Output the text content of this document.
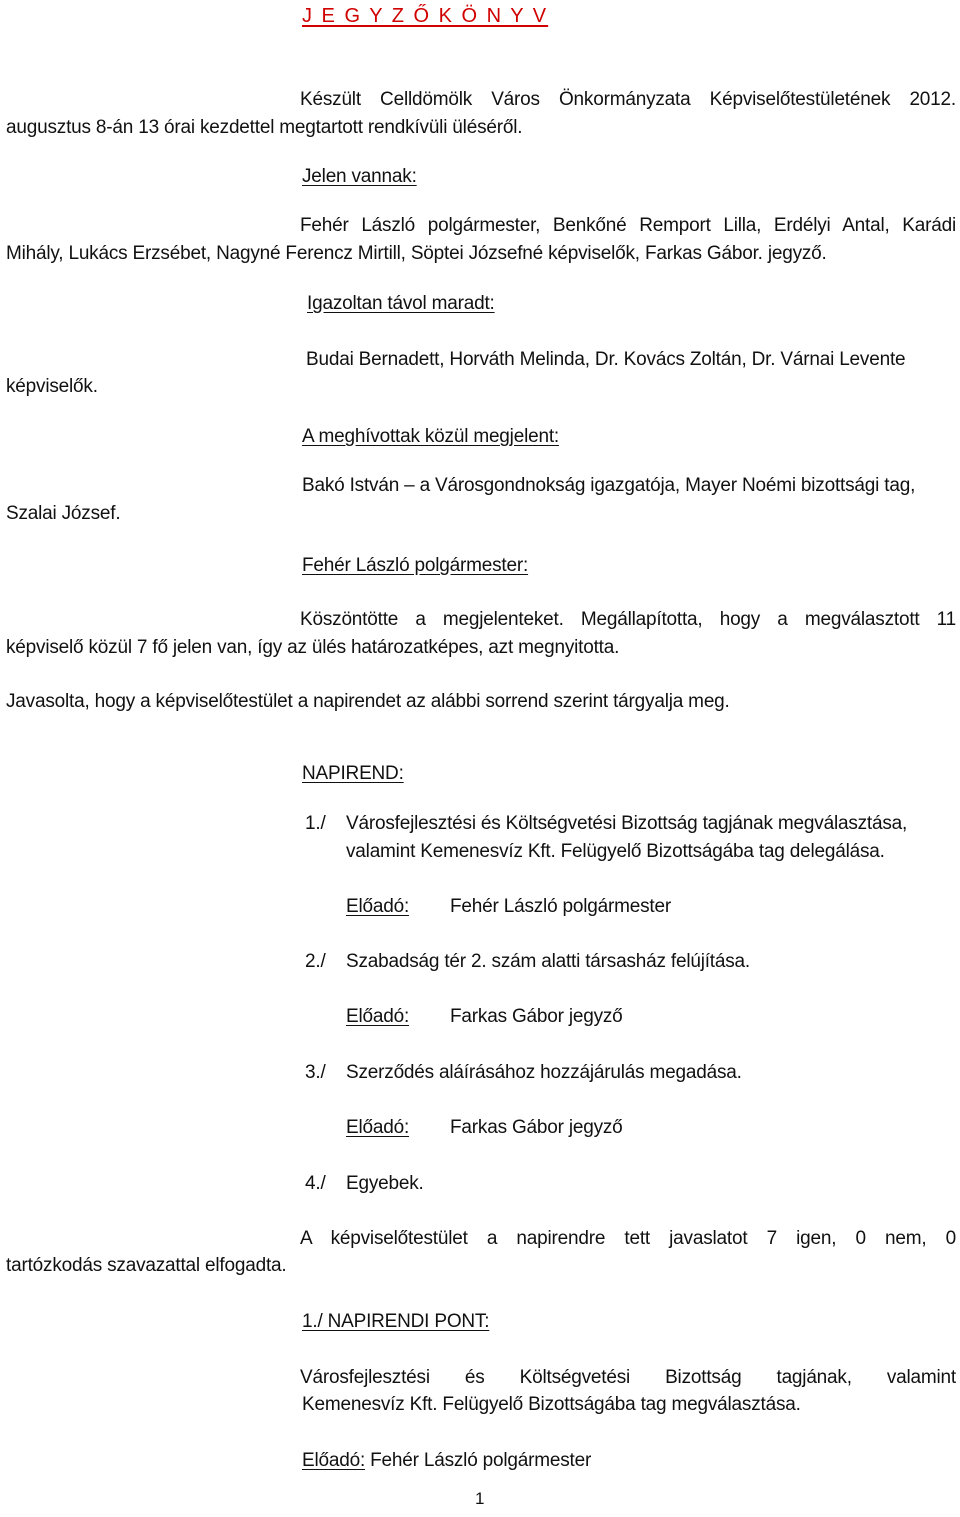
J E G Y Z Ő K Ö N Y V
Készült Celldömölk Város Önkormányzata Képviselőtestületének 2012.
augusztus 8-án 13 órai kezdettel megtartott rendkívüli üléséről.
Jelen vannak:
Fehér László polgármester, Benkőné Remport Lilla, Erdélyi Antal, Karádi
Mihály, Lukács Erzsébet, Nagyné Ferencz Mirtill, Söptei Józsefné képviselők, Farkas Gábor. jegyző.
Igazoltan távol maradt:
Budai Bernadett, Horváth Melinda, Dr. Kovács Zoltán, Dr. Várnai Levente
képviselők.
A meghívottak közül megjelent:
Bakó István – a Városgondnokság igazgatója, Mayer Noémi bizottsági tag,
Szalai József.
Fehér László polgármester:
Köszöntötte a megjelenteket. Megállapította, hogy a megválasztott 11
képviselő közül 7 fő jelen van, így az ülés határozatképes, azt megnyitotta.
Javasolta, hogy a képviselőtestület a napirendet az alábbi sorrend szerint tárgyalja meg.
NAPIREND:
1./ Városfejlesztési és Költségvetési Bizottság tagjának megválasztása,
valamint Kemenesvíz Kft. Felügyelő Bizottságába tag delegálása.
Előadó: Fehér László polgármester
2./ Szabadság tér 2. szám alatti társasház felújítása.
Előadó: Farkas Gábor jegyző
3./ Szerződés aláírásához hozzájárulás megadása.
Előadó: Farkas Gábor jegyző
4./ Egyebek.
A képviselőtestület a napirendre tett javaslatot 7 igen, 0 nem, 0
tartózkodás szavazattal elfogadta.
1./ NAPIRENDI PONT:
Városfejlesztési és Költségvetési Bizottság tagjának, valamint
Kemenesvíz Kft. Felügyelő Bizottságába tag megválasztása.
Előadó: Fehér László polgármester
1
